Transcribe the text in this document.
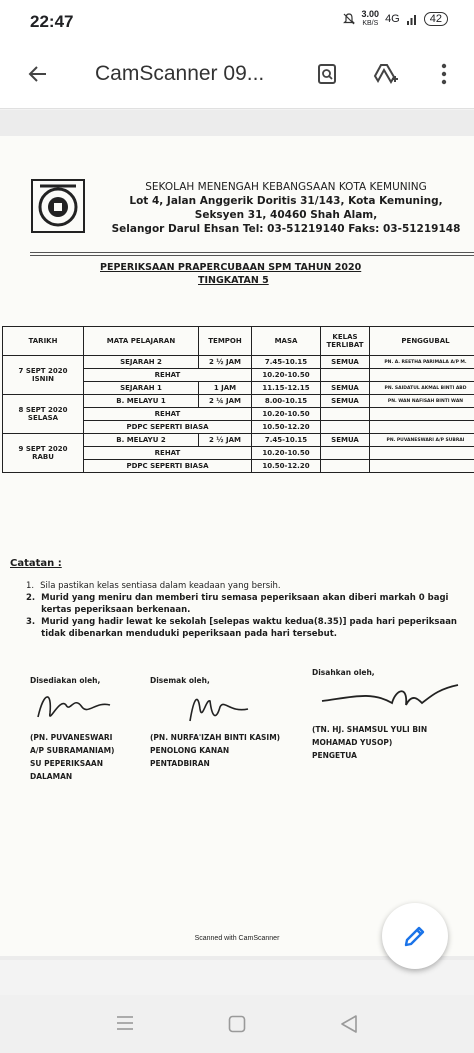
22:47	3.00
KB/S 4G	42
CamScanner 09...
SEKOLAH MENENGAH KEBANGSAAN KOTA KEMUNING
Lot 4, Jalan Anggerik Doritis 31/143, Kota Kemuning,
Seksyen 31, 40460 Shah Alam,
Selangor Darul Ehsan Tel: 03-51219140 Faks: 03-51219148
PEPERIKSAAN PRAPERCUBAAN SPM TAHUN 2020
TINGKATAN 5
TARIKH	MATA PELAJARAN	TEMPOH	MASA	KELAS TERLIBAT	PENGGUBAL

7 SEPT 2020
ISNIN	SEJARAH 2	2 ½ JAM	7.45-10.15	SEMUA	PN. A. REETHA PARIMALA A/P M.
	REHAT		10.20-10.50		
	SEJARAH 1	1 JAM	11.15-12.15	SEMUA	PN. SAIDATUL AKMAL BINTI ABD

8 SEPT 2020
SELASA	B. MELAYU 1	2 ¼ JAM	8.00-10.15	SEMUA	PN. WAN NAFISAH BINTI WAN
	REHAT		10.20-10.50		
	PDPC SEPERTI BIASA		10.50-12.20		

9 SEPT 2020
RABU	B. MELAYU 2	2 ½ JAM	7.45-10.15	SEMUA	PN. PUVANESWARI A/P SUBRAI
	REHAT		10.20-10.50		
	PDPC SEPERTI BIASA		10.50-12.20		
Catatan :
1. Sila pastikan kelas sentiasa dalam keadaan yang bersih.
2. Murid yang meniru dan memberi tiru semasa peperiksaan akan diberi markah 0 bagi kertas peperiksaan berkenaan.
3. Murid yang hadir lewat ke sekolah [selepas waktu kedua(8.35)] pada hari peperiksaan tidak dibenarkan menduduki peperiksaan pada hari tersebut.
Disediakan oleh,
(PN. PUVANESWARI
A/P SUBRAMANIAM)
SU PEPERIKSAAN
DALAMAN
Disemak oleh,
(PN. NURFA'IZAH BINTI KASIM)
PENOLONG KANAN
PENTADBIRAN
Disahkan oleh,
(TN. HJ. SHAMSUL YULI BIN
MOHAMAD YUSOP)
PENGETUA
Scanned with CamScanner
